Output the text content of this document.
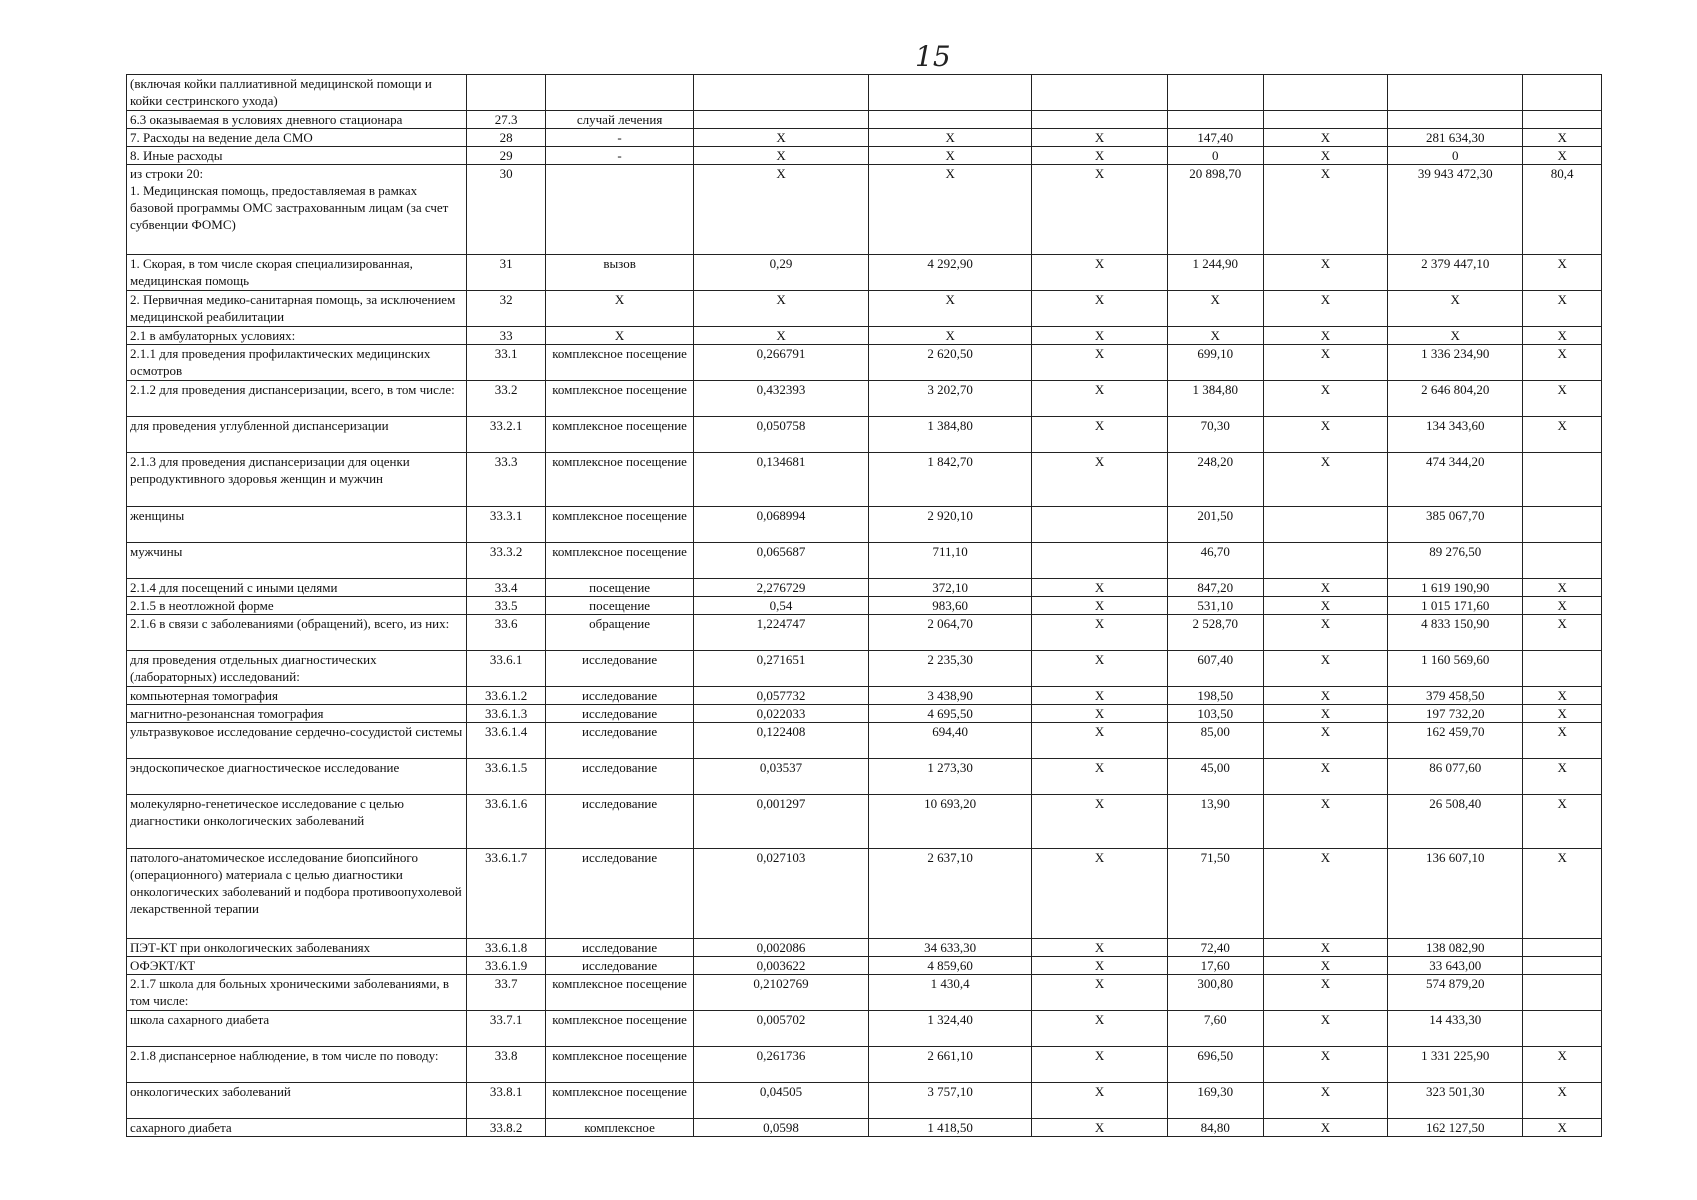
15
(включая койки паллиативной медицинской помощи и койки сестринского ухода)									
6.3 оказываемая в условиях дневного стационара	27.3	случай лечения							
7. Расходы на ведение дела СМО	28	-	X	X	X	147,40	X	281 634,30	X
8. Иные расходы	29	-	X	X	X	0	X	0	X
из строки 20:
1. Медицинская помощь, предоставляемая в рамках базовой программы ОМС застрахованным лицам (за счет субвенции ФОМС)	30		X	X	X	20 898,70	X	39 943 472,30	80,4
1. Скорая, в том числе скорая специализированная, медицинская помощь	31	вызов	0,29	4 292,90	X	1 244,90	X	2 379 447,10	X
2. Первичная медико-санитарная помощь, за исключением медицинской реабилитации	32	X	X	X	X	X	X	X	X
2.1 в амбулаторных условиях:	33	X	X	X	X	X	X	X	X
2.1.1 для проведения профилактических медицинских осмотров	33.1	комплексное посещение	0,266791	2 620,50	X	699,10	X	1 336 234,90	X
2.1.2 для проведения диспансеризации, всего, в том числе:	33.2	комплексное посещение	0,432393	3 202,70	X	1 384,80	X	2 646 804,20	X
для проведения углубленной диспансеризации	33.2.1	комплексное посещение	0,050758	1 384,80	X	70,30	X	134 343,60	X
2.1.3 для проведения диспансеризации для оценки репродуктивного здоровья женщин и мужчин	33.3	комплексное посещение	0,134681	1 842,70	X	248,20	X	474 344,20	
женщины	33.3.1	комплексное посещение	0,068994	2 920,10		201,50		385 067,70	
мужчины	33.3.2	комплексное посещение	0,065687	711,10		46,70		89 276,50	
2.1.4 для посещений с иными целями	33.4	посещение	2,276729	372,10	X	847,20	X	1 619 190,90	X
2.1.5 в неотложной форме	33.5	посещение	0,54	983,60	X	531,10	X	1 015 171,60	X
2.1.6 в связи с заболеваниями (обращений), всего, из них:	33.6	обращение	1,224747	2 064,70	X	2 528,70	X	4 833 150,90	X
для проведения отдельных диагностических (лабораторных) исследований:	33.6.1	исследование	0,271651	2 235,30	X	607,40	X	1 160 569,60	
компьютерная томография	33.6.1.2	исследование	0,057732	3 438,90	X	198,50	X	379 458,50	X
магнитно-резонансная томография	33.6.1.3	исследование	0,022033	4 695,50	X	103,50	X	197 732,20	X
ультразвуковое исследование сердечно-сосудистой системы	33.6.1.4	исследование	0,122408	694,40	X	85,00	X	162 459,70	X
эндоскопическое диагностическое исследование	33.6.1.5	исследование	0,03537	1 273,30	X	45,00	X	86 077,60	X
молекулярно-генетическое исследование с целью диагностики онкологических заболеваний	33.6.1.6	исследование	0,001297	10 693,20	X	13,90	X	26 508,40	X
патолого-анатомическое исследование биопсийного (операционного) материала с целью диагностики онкологических заболеваний и подбора противоопухолевой лекарственной терапии	33.6.1.7	исследование	0,027103	2 637,10	X	71,50	X	136 607,10	X
ПЭТ-КТ при онкологических заболеваниях	33.6.1.8	исследование	0,002086	34 633,30	X	72,40	X	138 082,90	
ОФЭКТ/КТ	33.6.1.9	исследование	0,003622	4 859,60	X	17,60	X	33 643,00	
2.1.7 школа для больных хроническими заболеваниями, в том числе:	33.7	комплексное посещение	0,2102769	1 430,4	X	300,80	X	574 879,20	
школа сахарного диабета	33.7.1	комплексное посещение	0,005702	1 324,40	X	7,60	X	14 433,30	
2.1.8 диспансерное наблюдение, в том числе по поводу:	33.8	комплексное посещение	0,261736	2 661,10	X	696,50	X	1 331 225,90	X
онкологических заболеваний	33.8.1	комплексное посещение	0,04505	3 757,10	X	169,30	X	323 501,30	X
сахарного диабета	33.8.2	комплексное	0,0598	1 418,50	X	84,80	X	162 127,50	X
